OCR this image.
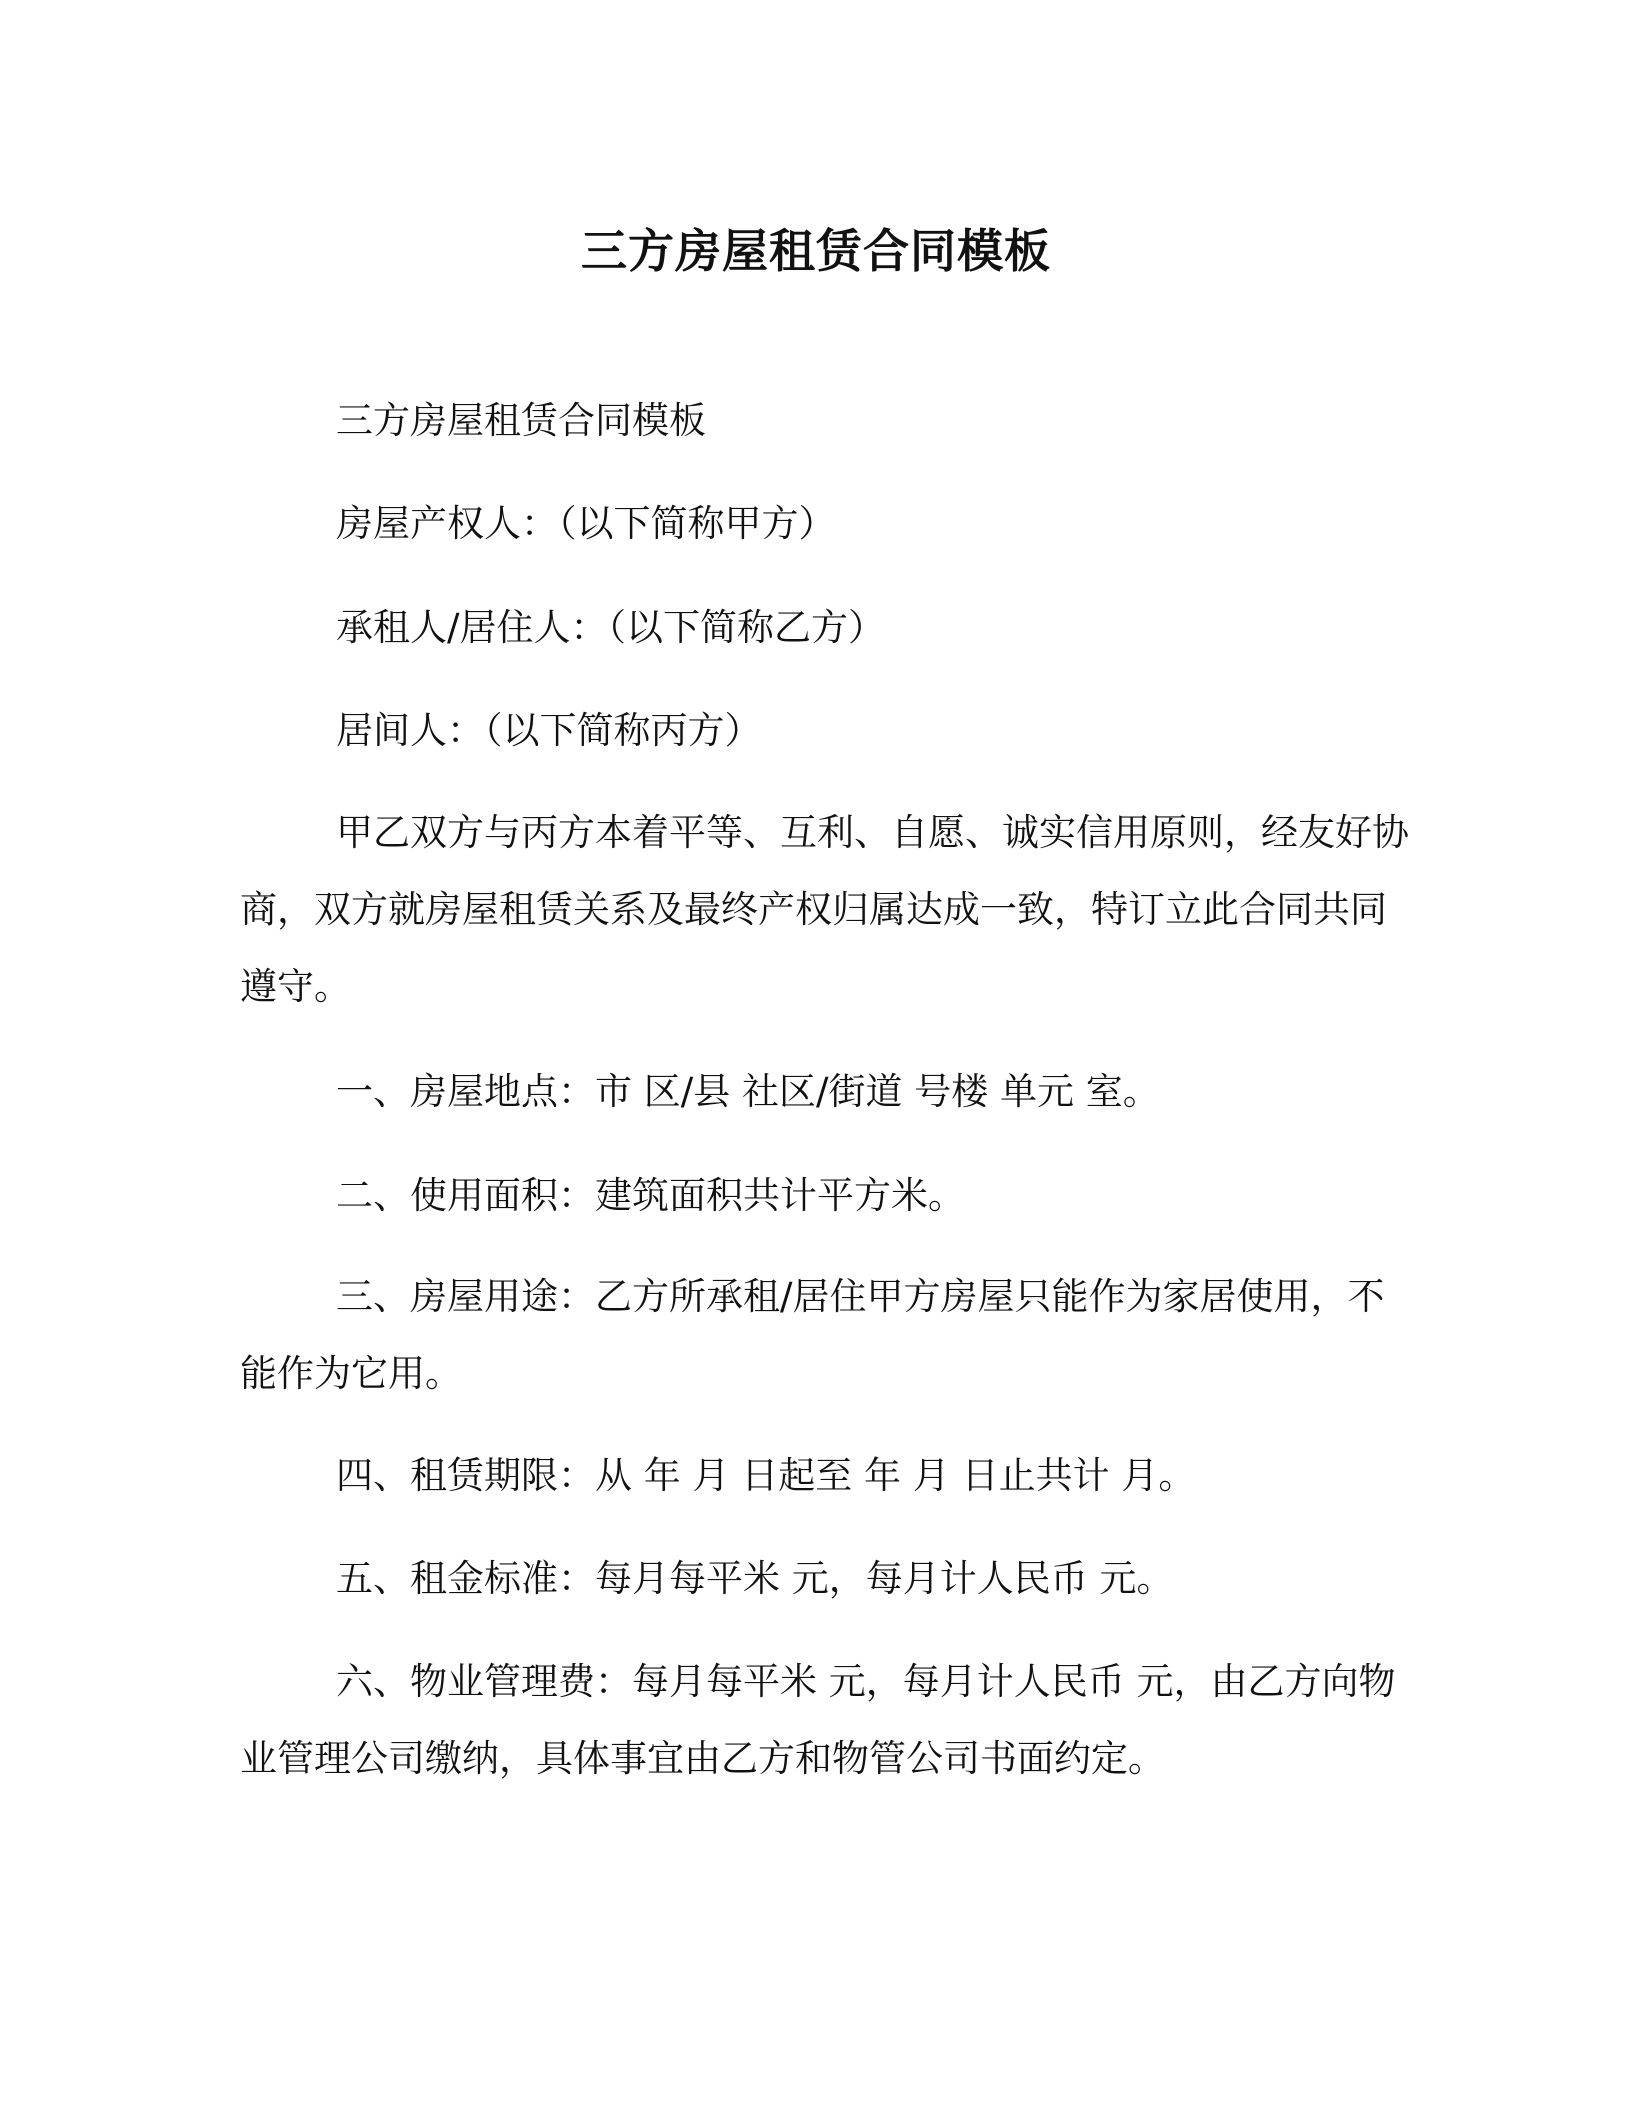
三方房屋租赁合同模板

三方房屋租赁合同模板

房屋产权人：（以下简称甲方）

承租人/居住人：（以下简称乙方）

居间人：（以下简称丙方）

甲乙双方与丙方本着平等、互利、自愿、诚实信用原则，经友好协商，双方就房屋租赁关系及最终产权归属达成一致，特订立此合同共同遵守。

一、房屋地点：市 区/县 社区/街道 号楼 单元 室。

二、使用面积：建筑面积共计平方米。

三、房屋用途：乙方所承租/居住甲方房屋只能作为家居使用，不能作为它用。

四、租赁期限：从 年 月 日起至 年 月 日止共计 月。

五、租金标准：每月每平米 元，每月计人民币 元。

六、物业管理费：每月每平米 元，每月计人民币 元，由乙方向物业管理公司缴纳，具体事宜由乙方和物管公司书面约定。
